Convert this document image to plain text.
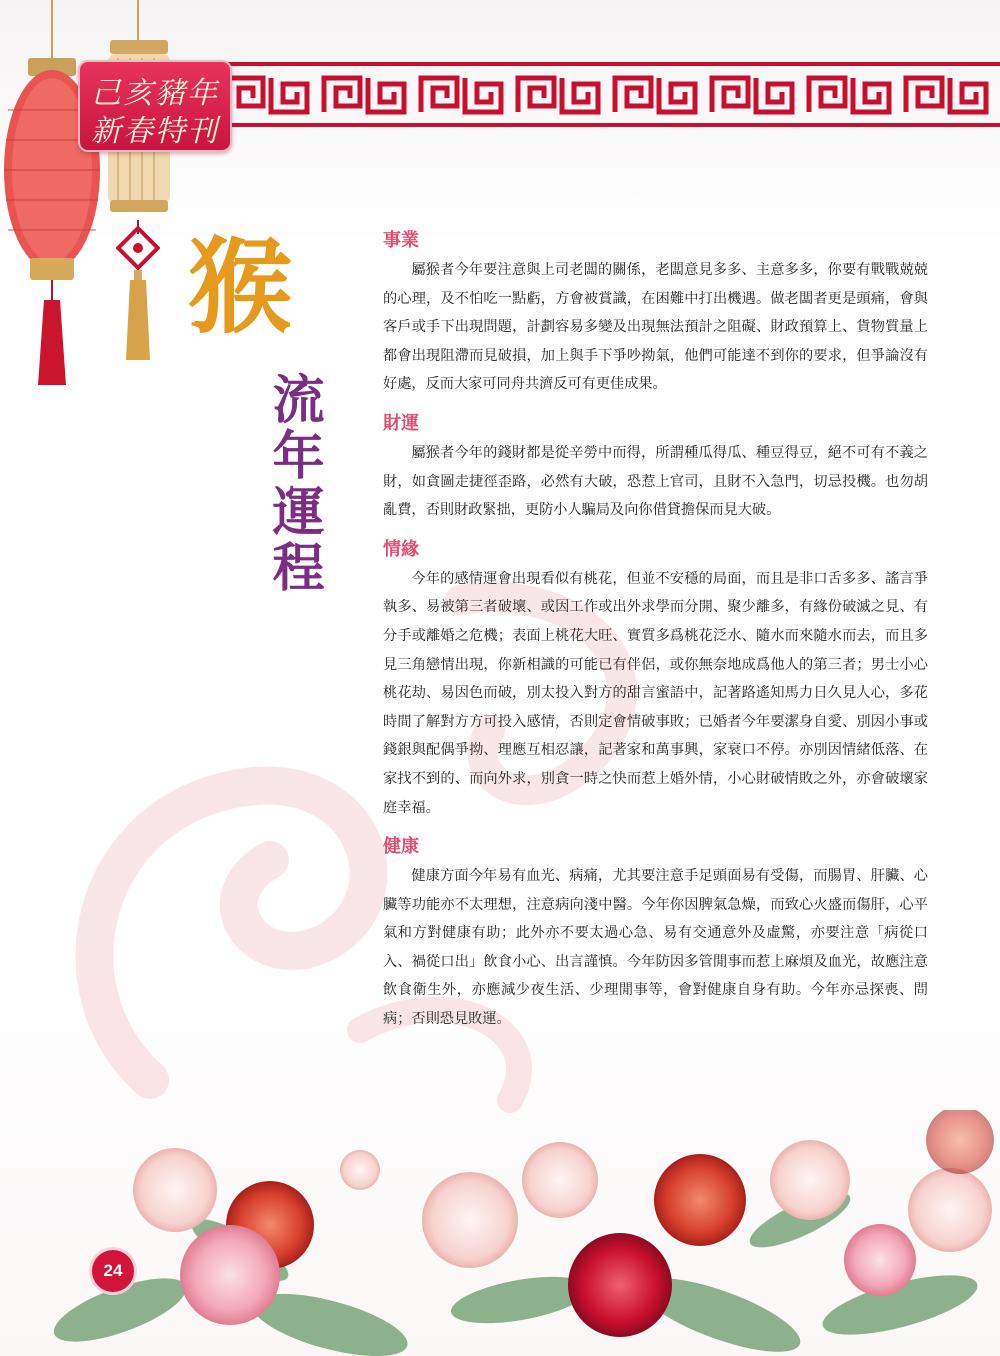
己亥豬年
新春特刊
猴
流年運程
事業

屬猴者今年要注意與上司老闆的關係，老闆意見多多、主意多多，你要有戰戰兢兢的心理，及不怕吃一點虧，方會被賞識，在困難中打出機遇。做老闆者更是頭痛，會與客戶或手下出現問題，計劃容易多變及出現無法預計之阻礙、財政預算上、貨物質量上都會出現阻滯而見破損，加上與手下爭吵拗氣，他們可能達不到你的要求，但爭論沒有好處，反而大家可同舟共濟反可有更佳成果。

財運

屬猴者今年的錢財都是從辛勞中而得，所謂種瓜得瓜、種豆得豆，絕不可有不義之財，如貪圖走捷徑歪路，必然有大破，恐惹上官司，且財不入急門，切忌投機。也勿胡亂費，否則財政緊拙，更防小人騙局及向你借貸擔保而見大破。

情緣

今年的感情運會出現看似有桃花，但並不安穩的局面，而且是非口舌多多、謠言爭執多、易被第三者破壞、或因工作或出外求學而分開、聚少離多，有緣份破滅之見、有分手或離婚之危機；表面上桃花大旺、實質多爲桃花泛水、隨水而來隨水而去，而且多見三角戀情出現，你新相識的可能已有伴侶，或你無奈地成爲他人的第三者；男士小心桃花劫、易因色而破，別太投入對方的甜言蜜語中，記著路遙知馬力日久見人心，多花時間了解對方方可投入感情，否則定會情破事敗；已婚者今年要潔身自愛、別因小事或錢銀與配偶爭拗、理應互相忍讓，記著家和萬事興，家衰口不停。亦別因情緒低落、在家找不到的、而向外求，別貪一時之快而惹上婚外情，小心財破情敗之外，亦會破壞家庭幸福。

健康

健康方面今年易有血光、病痛，尤其要注意手足頭面易有受傷，而腸胃、肝臟、心臟等功能亦不太理想，注意病向淺中醫。今年你因脾氣急燥，而致心火盛而傷肝，心平氣和方對健康有助；此外亦不要太過心急、易有交通意外及虛驚，亦要注意「病從口入、禍從口出」飲食小心、出言謹慎。今年防因多管閒事而惹上麻煩及血光，故應注意飲食衛生外，亦應減少夜生活、少理閒事等，會對健康自身有助。今年亦忌探喪、問病；否則恐見敗運。

24
